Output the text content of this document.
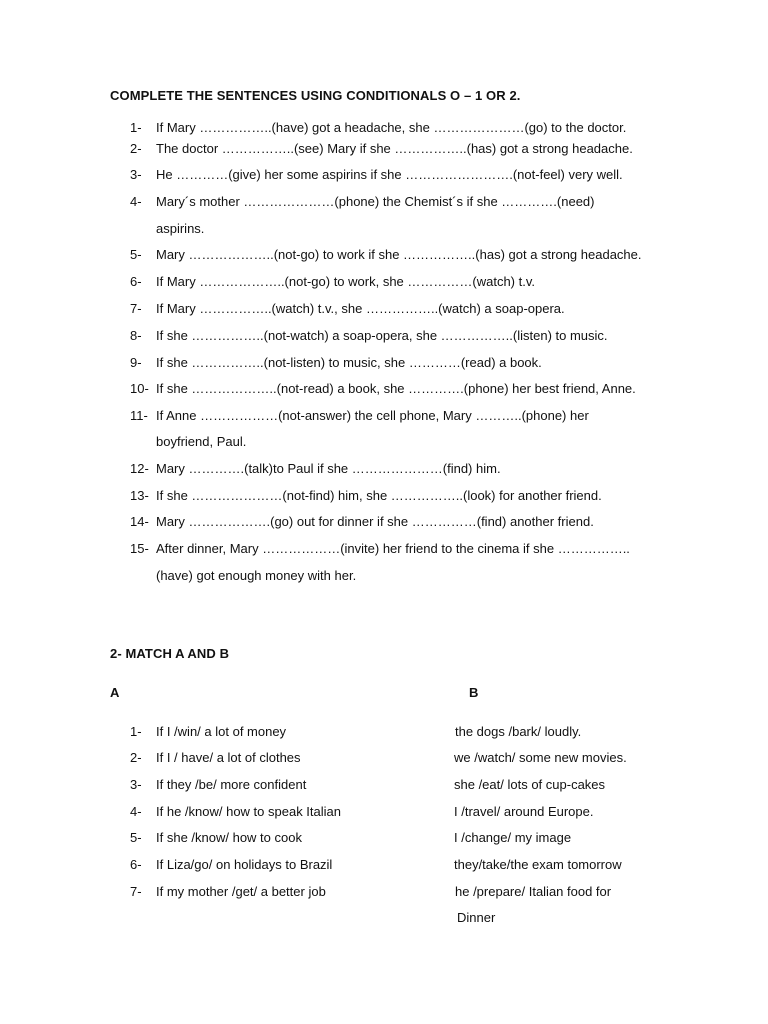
COMPLETE THE SENTENCES USING CONDITIONALS O – 1 OR 2.
1- If Mary ……………..(have) got a headache, she …………………(go) to the doctor.
2- The doctor ……………..(see) Mary if she ……………..(has) got a strong headache.
3- He …………(give) her some aspirins if she …………………….(not-feel) very well.
4- Mary´s mother …………………(phone) the Chemist´s if she ………….(need)
aspirins.
5- Mary ………………..(not-go) to work if she ……………..(has) got a strong headache.
6- If Mary ………………..(not-go) to work, she ……………(watch) t.v.
7- If Mary ……………..(watch) t.v., she ……………..(watch) a soap-opera.
8- If she ……………..(not-watch) a soap-opera, she ……………..(listen) to music.
9- If she ……………..(not-listen) to music, she …………(read) a book.
10- If she ………………..(not-read) a book, she ………….(phone) her best friend, Anne.
11- If Anne ………………(not-answer) the cell phone, Mary ………..(phone) her
boyfriend, Paul.
12- Mary ………….(talk)to Paul if she …………………(find) him.
13- If she …………………(not-find) him, she ……………..(look) for another friend.
14- Mary ……………….(go) out for dinner if she ……………(find) another friend.
15- After dinner, Mary ………………(invite) her friend to the cinema if she ……………..
(have) got enough money with her.
2- MATCH A AND B
A	B
1- If I /win/ a lot of money
2- If I / have/ a lot of clothes
3- If they /be/ more confident
4- If he /know/ how to speak Italian
5- If she /know/ how to cook
6- If Liza/go/ on holidays to Brazil
7- If my mother /get/ a better job
the dogs /bark/ loudly.
we /watch/ some new movies.
she /eat/ lots of cup-cakes
I /travel/ around Europe.
I /change/ my image
they/take/the exam tomorrow
he /prepare/ Italian food for
Dinner
